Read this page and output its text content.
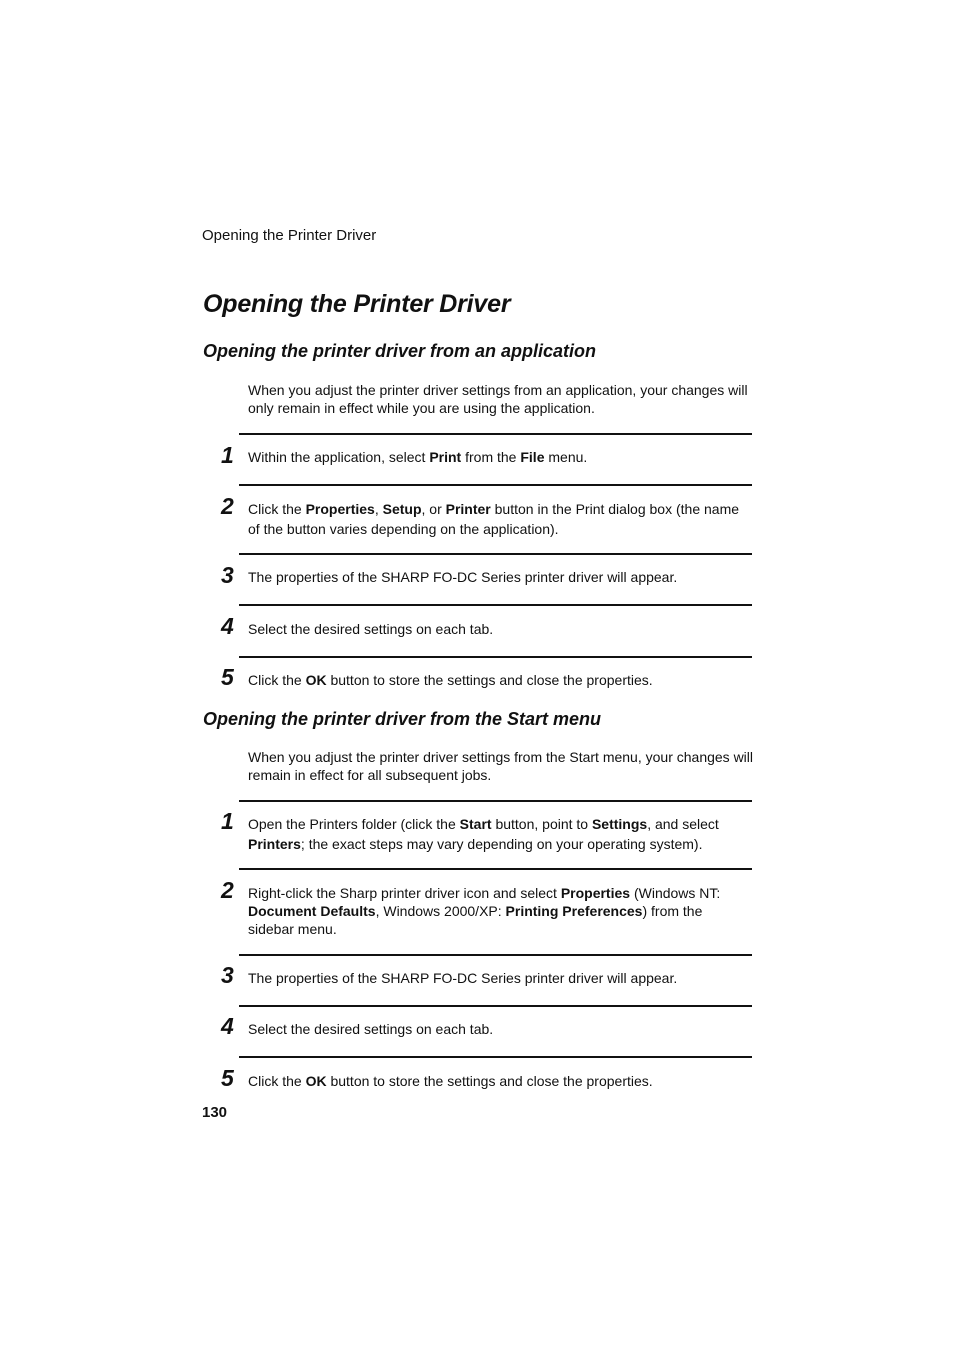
Opening the Printer Driver
Opening the Printer Driver
Opening the printer driver from an application

When you adjust the printer driver settings from an application, your changes will only remain in effect while you are using the application.

1 Within the application, select Print from the File menu.

2 Click the Properties, Setup, or Printer button in the Print dialog box (the name of the button varies depending on the application).

3 The properties of the SHARP FO-DC Series printer driver will appear.

4 Select the desired settings on each tab.

5 Click the OK button to store the settings and close the properties.

Opening the printer driver from the Start menu

When you adjust the printer driver settings from the Start menu, your changes will remain in effect for all subsequent jobs.

1 Open the Printers folder (click the Start button, point to Settings, and select Printers; the exact steps may vary depending on your operating system).

2 Right-click the Sharp printer driver icon and select Properties (Windows NT: Document Defaults, Windows 2000/XP: Printing Preferences) from the sidebar menu.

3 The properties of the SHARP FO-DC Series printer driver will appear.

4 Select the desired settings on each tab.

5 Click the OK button to store the settings and close the properties.

130
